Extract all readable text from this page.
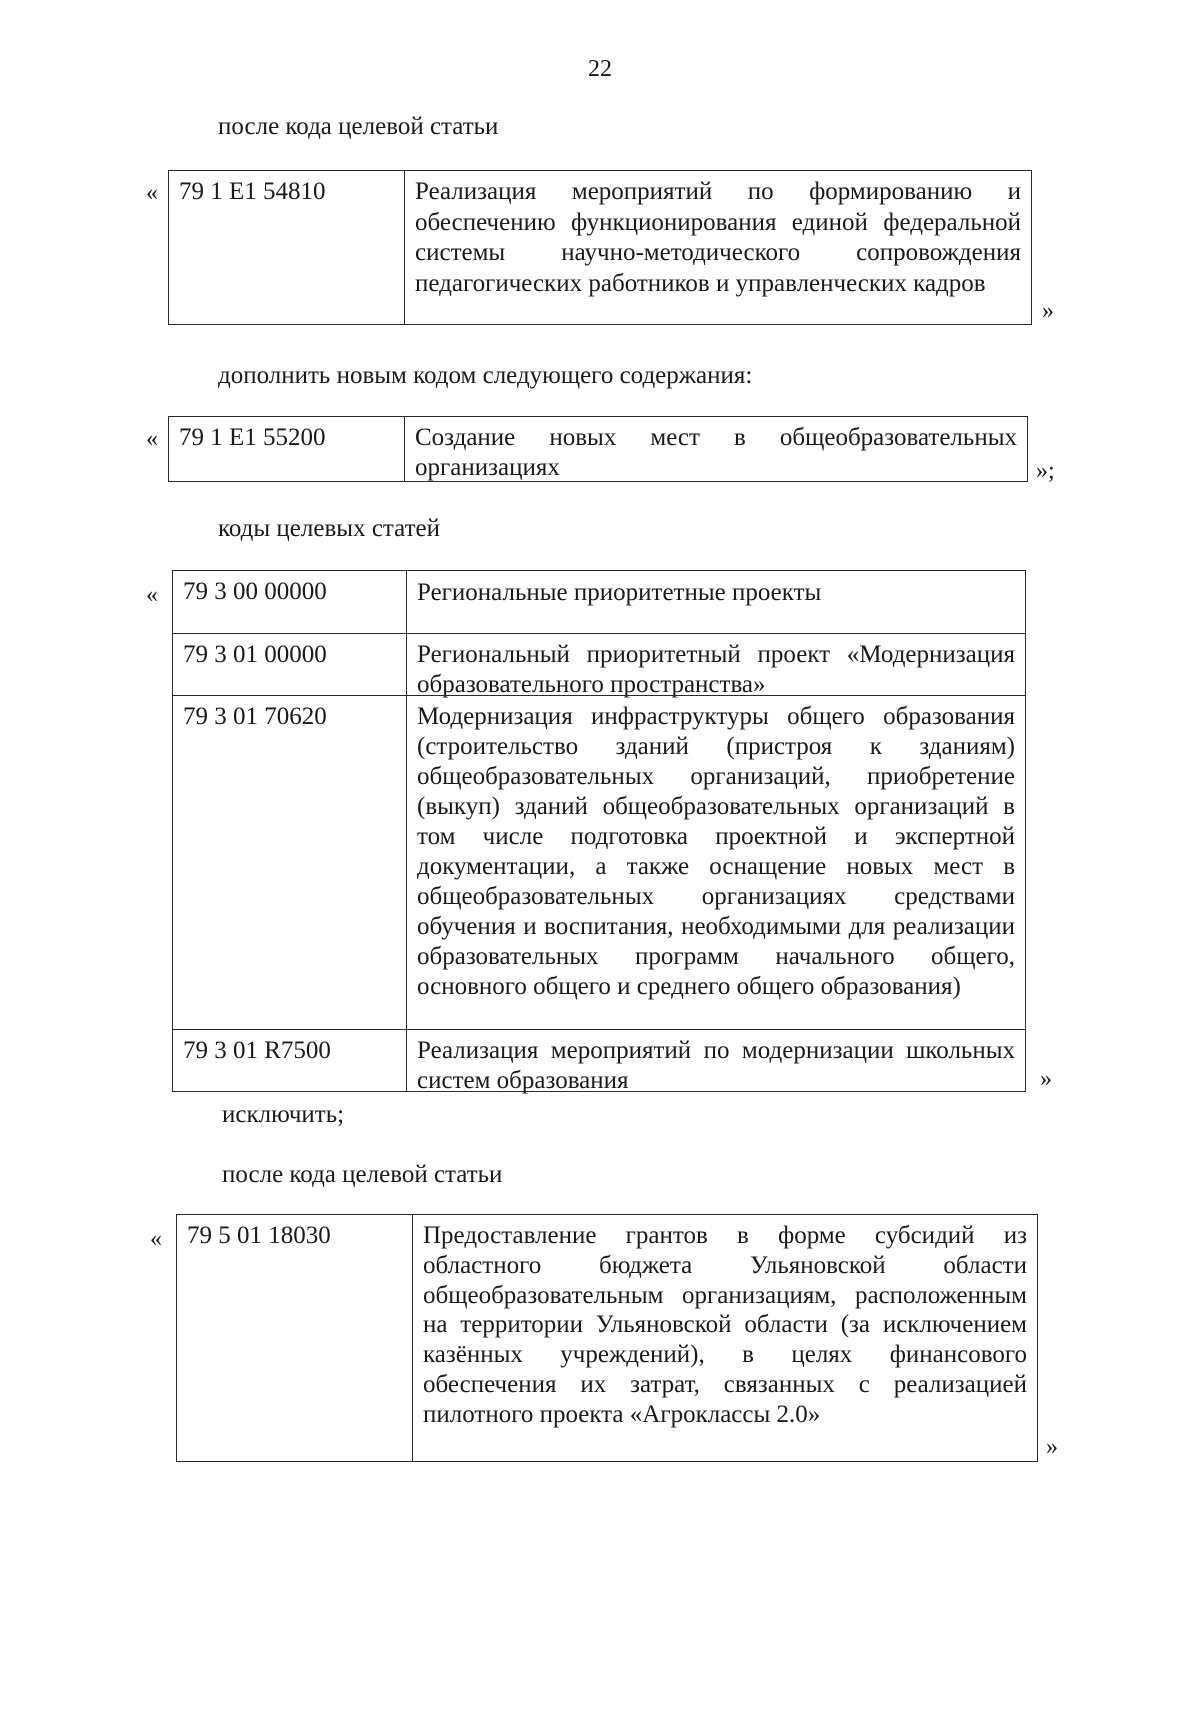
22
после кода целевой статьи
« 79 1 E1 54810	Реализация мероприятий по формированию и обеспечению функционирования единой федеральной системы научно-методического сопровождения педагогических работников и управленческих кадров
»
дополнить новым кодом следующего содержания:
« 79 1 E1 55200	Создание новых мест в общеобразовательных организациях	»;
коды целевых статей
«	79 3 00 00000	Региональные приоритетные проекты
79 3 01 00000	Региональный приоритетный проект «Модернизация образовательного пространства»
79 3 01 70620	Модернизация инфраструктуры общего образования (строительство зданий (пристроя к зданиям) общеобразовательных организаций, приобретение (выкуп) зданий общеобразовательных организаций в том числе подготовка проектной и экспертной документации, а также оснащение новых мест в общеобразовательных организациях средствами обучения и воспитания, необходимыми для реализации образовательных программ начального общего, основного общего и среднего общего образования)
79 3 01 R7500	Реализация мероприятий по модернизации школьных систем образования	»
исключить;
после кода целевой статьи
«	79 5 01 18030	Предоставление грантов в форме субсидий из областного бюджета Ульяновской области общеобразовательным организациям, расположенным на территории Ульяновской области (за исключением казённых учреждений), в целях финансового обеспечения их затрат, связанных с реализацией пилотного проекта «Агроклассы 2.0»
»
